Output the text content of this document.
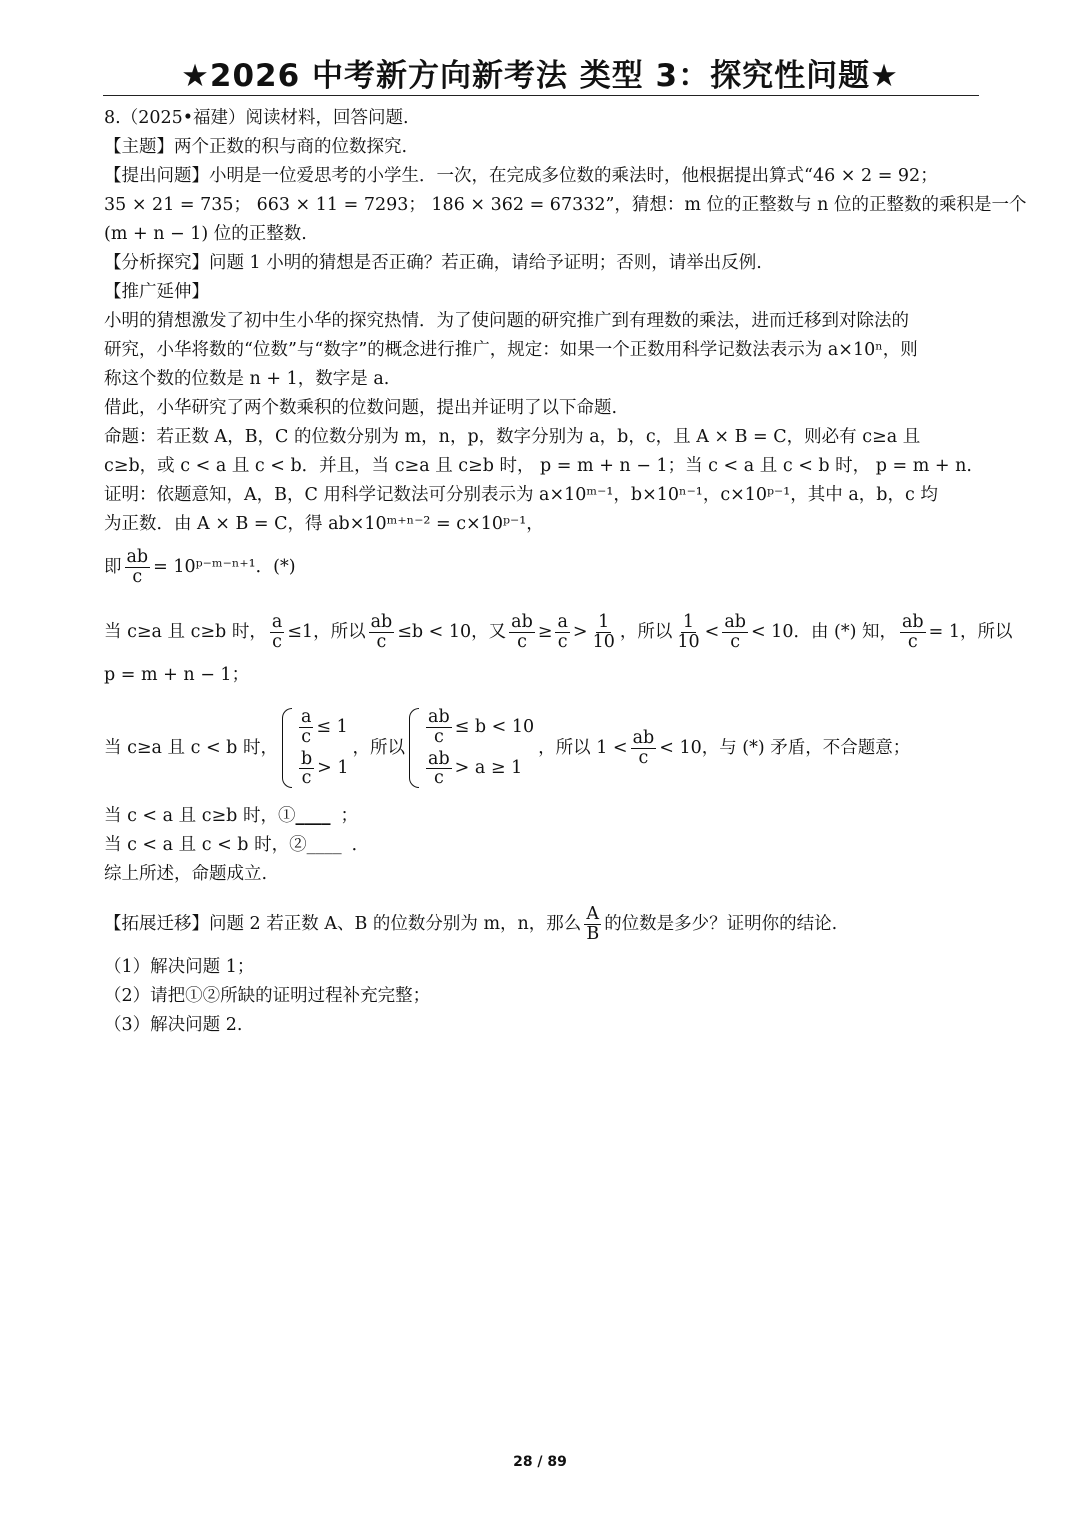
★2026 中考新方向新考法 类型 3：探究性问题★
8.（2025•福建）阅读材料，回答问题.
【主题】两个正数的积与商的位数探究.
【提出问题】小明是一位爱思考的小学生．一次，在完成多位数的乘法时，他根据提出算式“46 × 2 = 92；
35 × 21 = 735； 663 × 11 = 7293； 186 × 362 = 67332”，猜想：m 位的正整数与 n 位的正整数的乘积是一个
(m + n − 1) 位的正整数.
【分析探究】问题 1 小明的猜想是否正确？若正确，请给予证明；否则，请举出反例.
【推广延伸】
小明的猜想激发了初中生小华的探究热情．为了使问题的研究推广到有理数的乘法，进而迁移到对除法的
研究，小华将数的“位数”与“数字”的概念进行推广，规定：如果一个正数用科学记数法表示为 a×10ⁿ，则
称这个数的位数是 n + 1，数字是 a.
借此，小华研究了两个数乘积的位数问题，提出并证明了以下命题.
命题：若正数 A，B，C 的位数分别为 m，n，p，数字分别为 a，b，c，且 A × B = C，则必有 c≥a 且
c≥b，或 c < a 且 c < b．并且，当 c≥a 且 c≥b 时， p = m + n − 1；当 c < a 且 c < b 时， p = m + n.
证明：依题意知，A，B，C 用科学记数法可分别表示为 a×10ᵐ⁻¹，b×10ⁿ⁻¹，c×10ᵖ⁻¹，其中 a，b，c 均
为正数．由 A × B = C，得 ab×10ᵐ⁺ⁿ⁻² = c×10ᵖ⁻¹，
即 $\frac{ab}{c}$ = 10ᵖ⁻ᵐ⁻ⁿ⁺¹．(*)
当 c≥a 且 c≥b 时， $\frac{a}{c} \le 1$，所以 $\frac{ab}{c} \le b < 10$，又 $\frac{ab}{c} \ge \frac{a}{c} > \frac{1}{10}$ ，所以 $\frac{1}{10} < \frac{ab}{c} < 10$．由 (*) 知， $\frac{ab}{c} = 1$，所以
p = m + n − 1；
当 c≥a 且 c < b 时，
$\frac{a}{c} \le 1$
$\frac{b}{c} > 1$
，所以
$\frac{ab}{c} \le b < 10$
$\frac{ab}{c} > a \ge 1$
，所以 $1 < \frac{ab}{c} < 10$，与 (*) 矛盾，不合题意；
当 c < a 且 c≥b 时，①____ ；
当 c < a 且 c < b 时，②____ ．
综上所述，命题成立.
【拓展迁移】问题 2 若正数 A、B 的位数分别为 m，n，那么 $\frac{A}{B}$ 的位数是多少？证明你的结论.
（1）解决问题 1；
（2）请把①②所缺的证明过程补充完整；
（3）解决问题 2.
28 / 89
